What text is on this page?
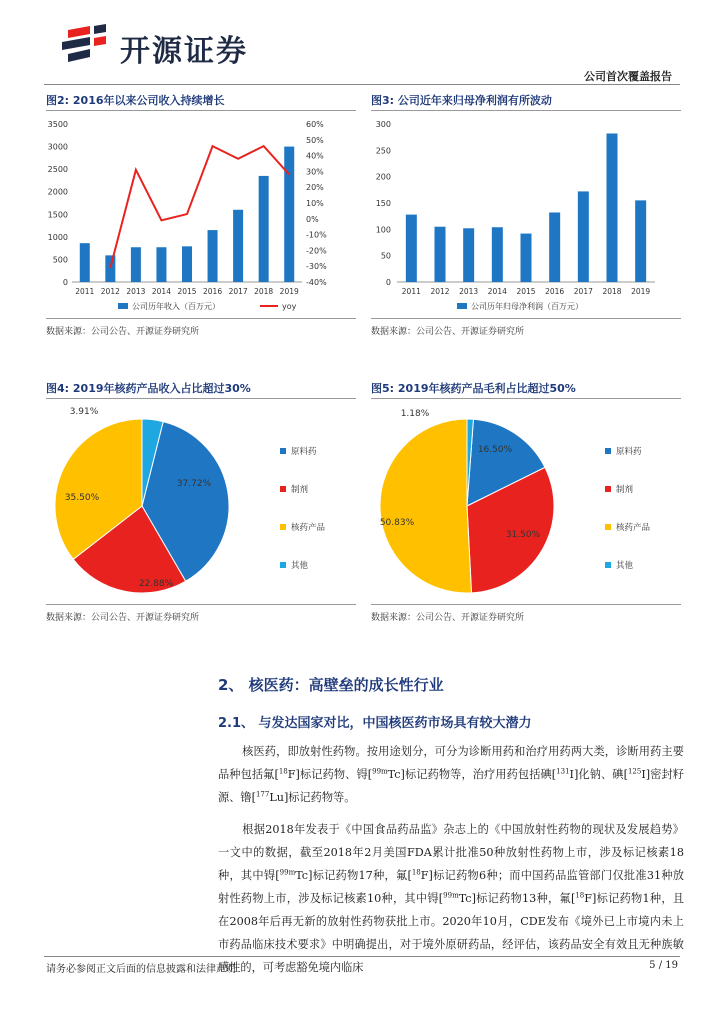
开源证券
公司首次覆盖报告
图2: 2016年以来公司收入持续增长	图3: 公司近年来归母净利润有所波动
0
500
1000
1500
2000
2500
3000
3500
-40%
-30%
-20%
-10%
0%
10%
20%
30%
40%
50%
60%
2011 2012 2013 2014 2015 2016 2017 2018 2019
公司历年收入（百万元）	yoy
数据来源：公司公告、开源证券研究所
0
50
100
150
200
250
300
2011 2012 2013 2014 2015 2016 2017 2018 2019
公司历年归母净利润（百万元）
数据来源：公司公告、开源证券研究所
图4: 2019年核药产品收入占比超过30%	图5: 2019年核药产品毛利占比超过50%
37.72%
原料药
22.88%
制剂
35.50%
核药产品
3.91%
其他
数据来源：公司公告、开源证券研究所
16.50%	原料药
31.50%
制剂
50.83%	核药产品
1.18%
其他
数据来源：公司公告、开源证券研究所
2、 核医药：高壁垒的成长性行业
2.1、 与发达国家对比，中国核医药市场具有较大潜力
核医药，即放射性药物。按用途划分，可分为诊断用药和治疗用药两大类，诊断用药主要品种包括氟[$^{18}$F]标记药物、锝[$^{99m}$Tc]标记药物等，治疗用药包括碘[$^{131}$I]化钠、碘[$^{125}$I]密封籽源、镥[$^{177}$Lu]标记药物等。
根据2018年发表于《中国食品药品监》杂志上的《中国放射性药物的现状及发展趋势》一文中的数据，截至2018年2月美国FDA累计批准50种放射性药物上市，涉及标记核素18种，其中锝[$^{99m}$Tc]标记药物17种，氟[$^{18}$F]标记药物6种；而中国药品监管部门仅批准31种放射性药物上市，涉及标记核素10种，其中锝[$^{99m}$Tc]标记药物13种，氟[$^{18}$F]标记药物1种，且在2008年后再无新的放射性药物获批上市。2020年10月，CDE发布《境外已上市境内未上市药品临床技术要求》中明确提出，对于境外原研药品，经评估，该药品安全有效且无种族敏感性的，可考虑豁免境内临床
请务必参阅正文后面的信息披露和法律声明	5 / 19
